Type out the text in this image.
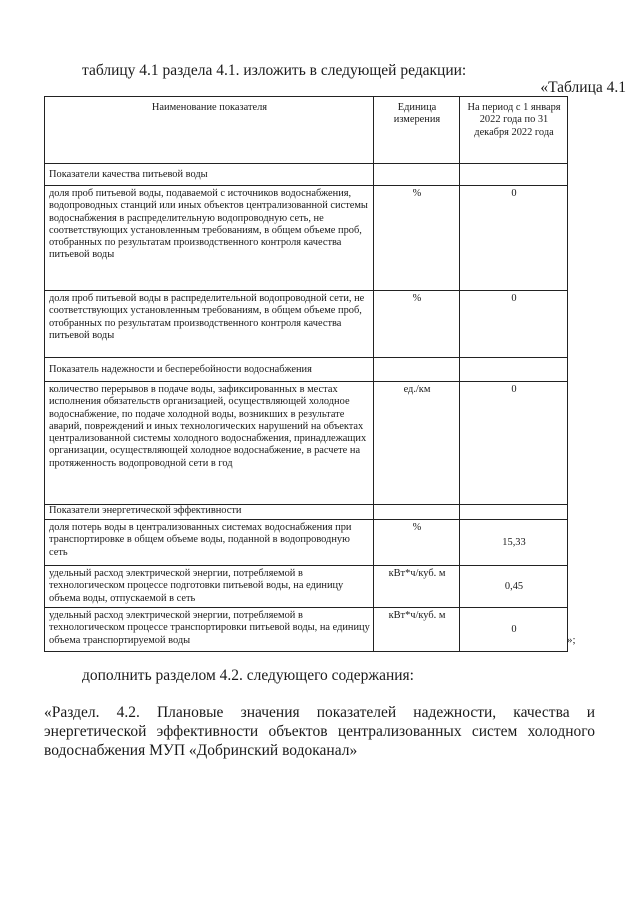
таблицу 4.1 раздела 4.1. изложить в следующей редакции:
«Таблица 4.1
Наименование показателя	Единица измерения	На период с 1 января 2022 года по 31 декабря 2022 года
Показатели качества питьевой воды		
доля проб питьевой воды, подаваемой с источников водоснабжения, водопроводных станций или иных объектов централизованной системы водоснабжения в распределительную водопроводную сеть, не соответствующих установленным требованиям, в общем объеме проб, отобранных по результатам производственного контроля качества питьевой воды	%	0
доля проб питьевой воды в распределительной водопроводной сети, не соответствующих установленным требованиям, в общем объеме проб, отобранных по результатам производственного контроля качества питьевой воды	%	0
Показатель надежности и бесперебойности водоснабжения		
количество перерывов в подаче воды, зафиксированных в местах исполнения обязательств организацией, осуществляющей холодное водоснабжение, по подаче холодной воды, возникших в результате аварий, повреждений и иных технологических нарушений на объектах централизованной системы холодного водоснабжения, принадлежащих организации, осуществляющей холодное водоснабжение, в расчете на протяженность водопроводной сети в год	ед./км	0
Показатели энергетической эффективности		
доля потерь воды в централизованных системах водоснабжения при транспортировке в общем объеме воды, поданной в водопроводную сеть	%	15,33
удельный расход электрической энергии, потребляемой в технологическом процессе подготовки питьевой воды, на единицу объема воды, отпускаемой в сеть	кВт*ч/куб. м	0,45
удельный расход электрической энергии, потребляемой в технологическом процессе транспортировки питьевой воды, на единицу объема транспортируемой воды	кВт*ч/куб. м	0
»;
дополнить разделом 4.2. следующего содержания:
«Раздел. 4.2. Плановые значения показателей надежности, качества и энергетической эффективности объектов централизованных систем холодного водоснабжения МУП «Добринский водоканал»
